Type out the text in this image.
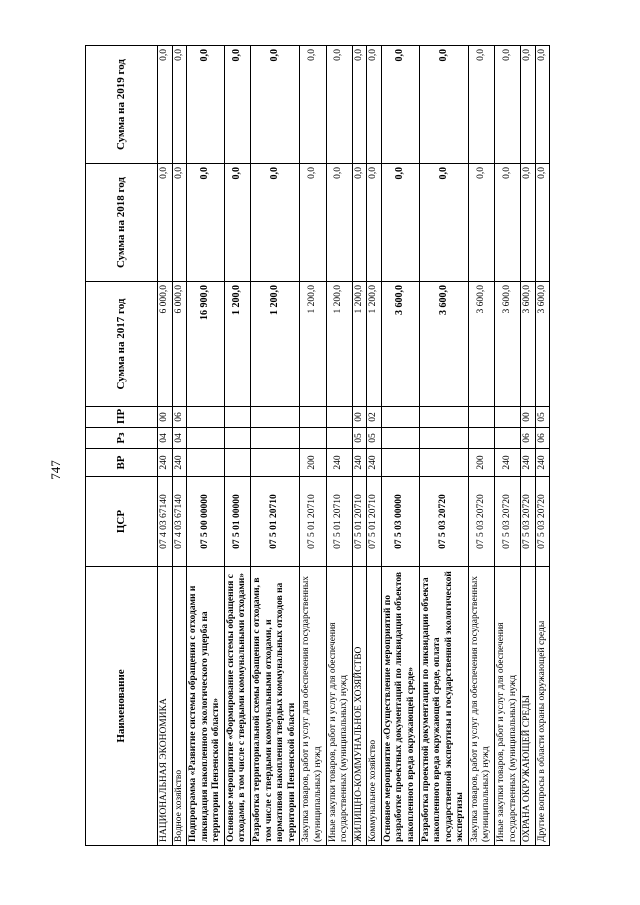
747
Наименование	ЦСР	ВР	Рз	ПР	Сумма на 2017 год	Сумма на 2018 год	Сумма на 2019 год
НАЦИОНАЛЬНАЯ ЭКОНОМИКА	07 4 03 67140	240	04	00	6 000,0	0,0	0,0
Водное хозяйство	07 4 03 67140	240	04	06	6 000,0	0,0	0,0
Подпрограмма «Развитие системы обращения с отходами и ликвидация накопленного экологического ущерба на территории Пензенской области»	07 5 00 00000				16 900,0	0,0	0,0
Основное мероприятие «Формирование системы обращения с отходами, в том числе с твердыми коммунальными отходами»	07 5 01 00000				1 200,0	0,0	0,0
Разработка территориальной схемы обращения с отходами, в том числе с твердыми коммунальными отходами, и нормативов накопления твердых коммунальных отходов на территории Пензенской области	07 5 01 20710				1 200,0	0,0	0,0
Закупка товаров, работ и услуг для обеспечения государственных (муниципальных) нужд	07 5 01 20710	200			1 200,0	0,0	0,0
Иные закупки товаров, работ и услуг для обеспечения государственных (муниципальных) нужд	07 5 01 20710	240			1 200,0	0,0	0,0
ЖИЛИЩНО-КОММУНАЛЬНОЕ ХОЗЯЙСТВО	07 5 01 20710	240	05	00	1 200,0	0,0	0,0
Коммунальное хозяйство	07 5 01 20710	240	05	02	1 200,0	0,0	0,0
Основное мероприятие «Осуществление мероприятий по разработке проектных документаций по ликвидации объектов накопленного вреда окружающей среде»	07 5 03 00000				3 600,0	0,0	0,0
Разработка проектной документации по ликвидации объекта накопленного вреда окружающей среде, оплата государственной экспертизы и государственной экологической экспертизы	07 5 03 20720				3 600,0	0,0	0,0
Закупка товаров, работ и услуг для обеспечения государственных (муниципальных) нужд	07 5 03 20720	200			3 600,0	0,0	0,0
Иные закупки товаров, работ и услуг для обеспечения государственных (муниципальных) нужд	07 5 03 20720	240			3 600,0	0,0	0,0
ОХРАНА ОКРУЖАЮЩЕЙ СРЕДЫ	07 5 03 20720	240	06	00	3 600,0	0,0	0,0
Другие вопросы в области охраны окружающей среды	07 5 03 20720	240	06	05	3 600,0	0,0	0,0
